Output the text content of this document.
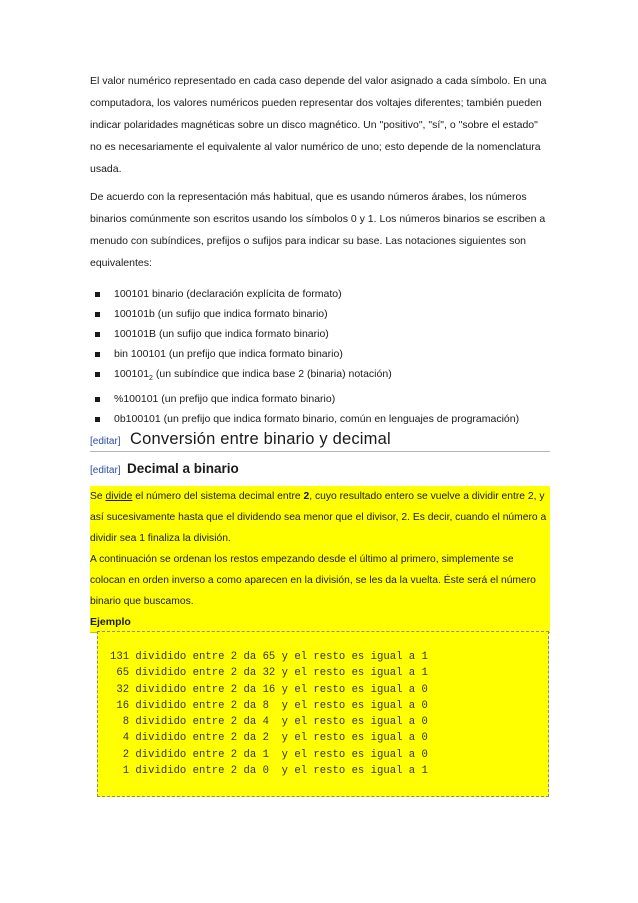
El valor numérico representado en cada caso depende del valor asignado a cada símbolo. En una computadora, los valores numéricos pueden representar dos voltajes diferentes; también pueden indicar polaridades magnéticas sobre un disco magnético. Un "positivo", "sí", o "sobre el estado" no es necesariamente el equivalente al valor numérico de uno; esto depende de la nomenclatura usada.

De acuerdo con la representación más habitual, que es usando números árabes, los números binarios comúnmente son escritos usando los símbolos 0 y 1. Los números binarios se escriben a menudo con subíndices, prefijos o sufijos para indicar su base. Las notaciones siguientes son equivalentes:

100101 binario (declaración explícita de formato)
100101b (un sufijo que indica formato binario)
100101B (un sufijo que indica formato binario)
bin 100101 (un prefijo que indica formato binario)
$100101_2$ (un subíndice que indica base 2 (binaria) notación)
%100101 (un prefijo que indica formato binario)
0b100101 (un prefijo que indica formato binario, común en lenguajes de programación)
[editar] Conversión entre binario y decimal
[editar] Decimal a binario

Se divide el número del sistema decimal entre 2, cuyo resultado entero se vuelve a dividir entre 2, y así sucesivamente hasta que el dividendo sea menor que el divisor, 2. Es decir, cuando el número a dividir sea 1 finaliza la división.

A continuación se ordenan los restos empezando desde el último al primero, simplemente se colocan en orden inverso a como aparecen en la división, se les da la vuelta. Éste será el número binario que buscamos.

Ejemplo
131 dividido entre 2 da 65 y el resto es igual a 1
65 dividido entre 2 da 32 y el resto es igual a 1
32 dividido entre 2 da 16 y el resto es igual a 0
16 dividido entre 2 da 8  y el resto es igual a 0
8 dividido entre 2 da 4  y el resto es igual a 0
4 dividido entre 2 da 2  y el resto es igual a 0
2 dividido entre 2 da 1  y el resto es igual a 0
1 dividido entre 2 da 0  y el resto es igual a 1
